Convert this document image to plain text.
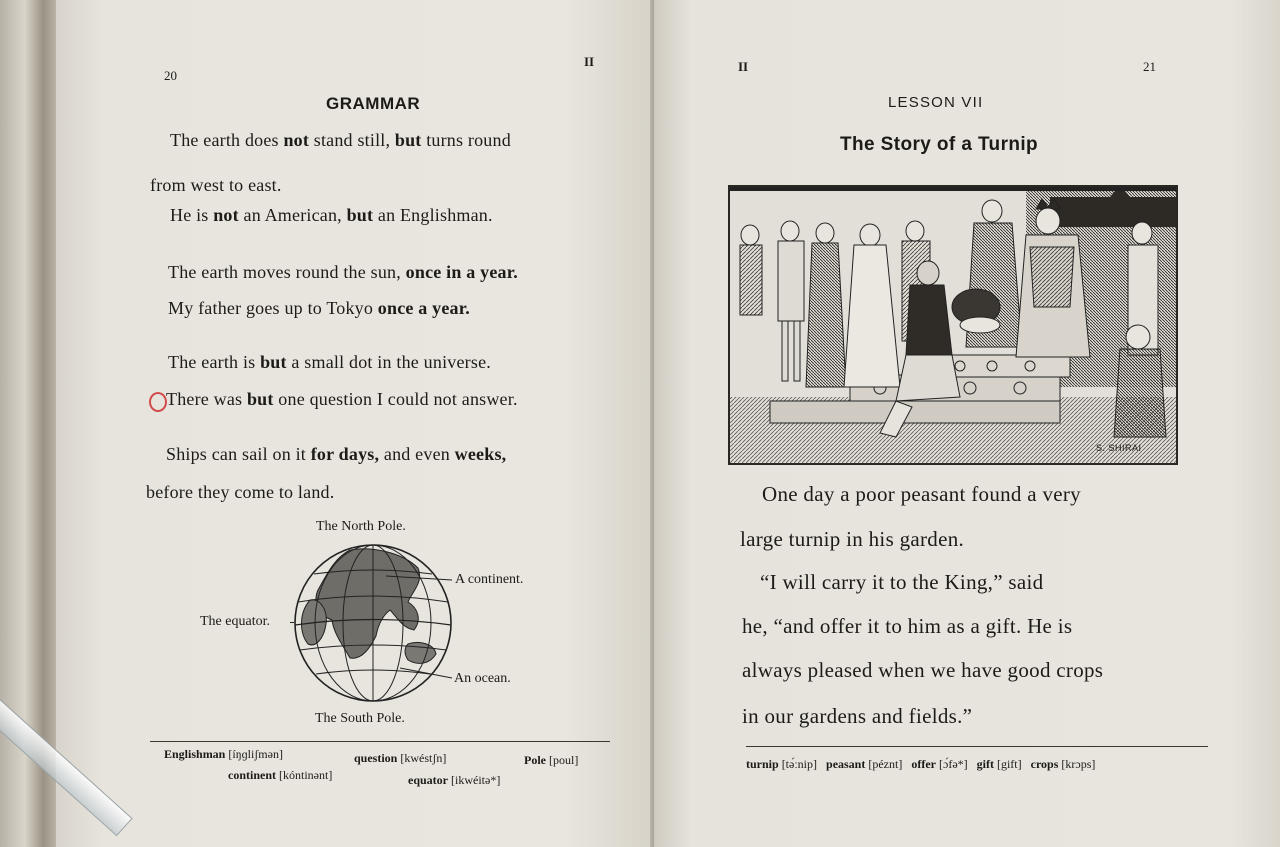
20
II
GRAMMAR
The earth does not stand still, but turns round
from west to east.
He is not an American, but an Englishman.
The earth moves round the sun, once in a year.
My father goes up to Tokyo once a year.
The earth is but a small dot in the universe.
There was but one question I could not answer.
Ships can sail on it for days, and even weeks,
before they come to land.
The North Pole.
A continent.
The equator.
An ocean.
The South Pole.
Englishman [íŋɡliʃmən]	question [kwéstʃn]	Pole [poul]
continent [kóntinənt]	equator [ikwéitə*]
II	21
LESSON VII
The Story of a Turnip
S. SHIRAI
One day a poor peasant found a very
large turnip in his garden.
“I will carry it to the King,” said
he, “and offer it to him as a gift. He is
always pleased when we have good crops
in our gardens and fields.”
turnip [tə́ːnip] peasant [péznt] offer [ɔ́fə*] gift [gift] crops [krɔps]
